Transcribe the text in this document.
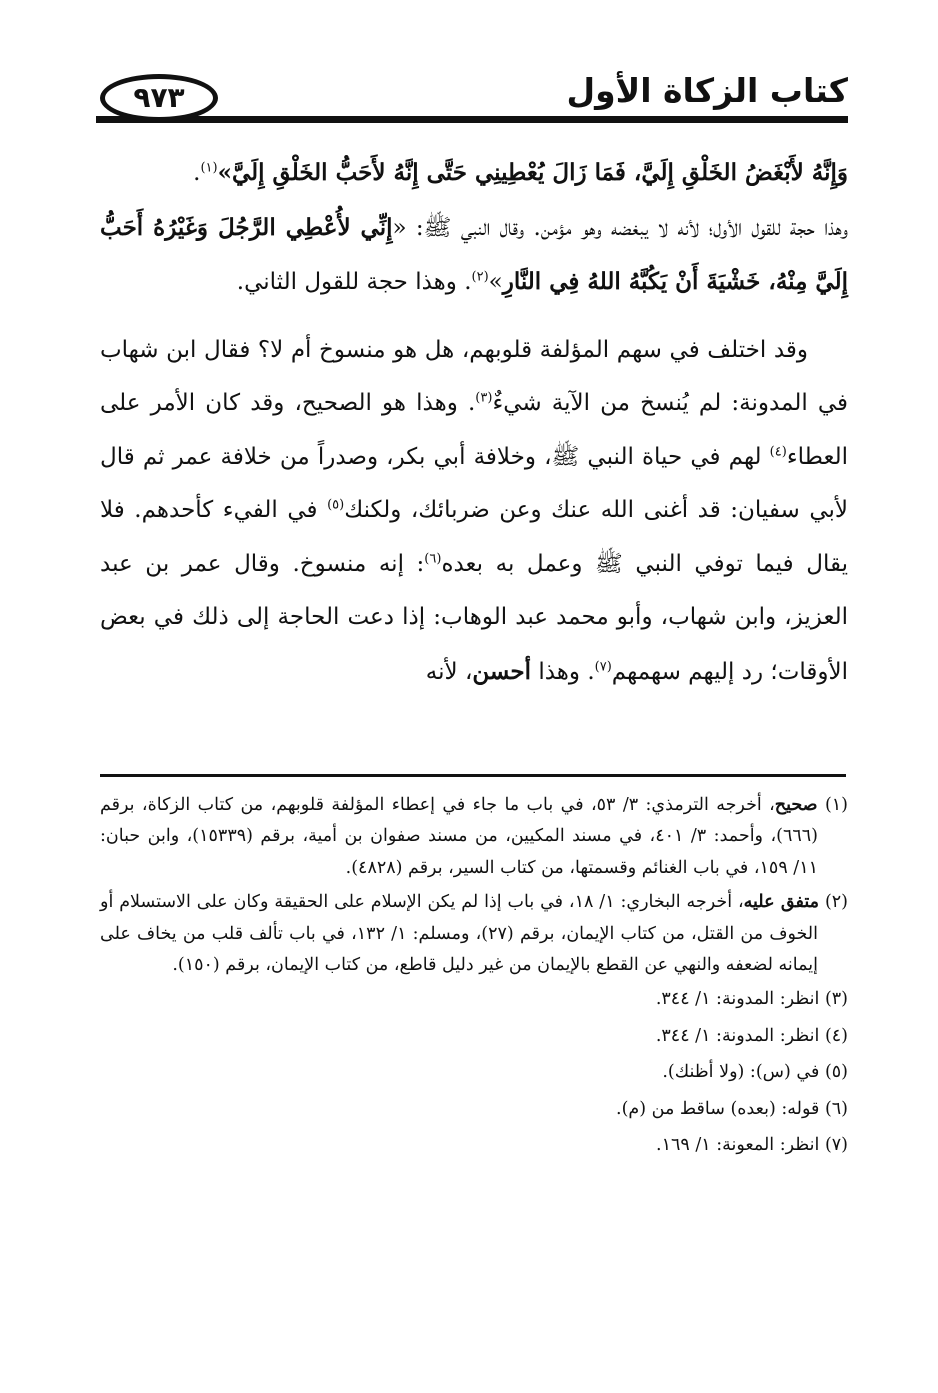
٩٧٣	كتاب الزكاة الأول

وَإِنَّهُ لأَبْغَضُ الخَلْقِ إِلَيَّ، فَمَا زَالَ يُعْطِينِي حَتَّى إِنَّهُ لأَحَبُّ الخَلْقِ إِلَيَّ»$^{(١)}$.

وهذا حجة للقول الأول؛ لأنه لا يبغضه وهو مؤمن. وقال النبي ﷺ: «إِنِّي لأُعْطِي الرَّجُلَ وَغَيْرُهُ أَحَبُّ إِلَيَّ مِنْهُ، خَشْيَةَ أَنْ يَكُبَّهُ اللهُ فِي النَّارِ»$^{(٢)}$. وهذا حجة للقول الثاني.

وقد اختلف في سهم المؤلفة قلوبهم، هل هو منسوخ أم لا؟ فقال ابن شهاب في المدونة: لم يُنسخ من الآية شيءٌ$^{(٣)}$. وهذا هو الصحيح، وقد كان الأمر على العطاء$^{(٤)}$ لهم في حياة النبي ﷺ، وخلافة أبي بكر، وصدراً من خلافة عمر ثم قال لأبي سفيان: قد أغنى الله عنك وعن ضربائك، ولكنك$^{(٥)}$ في الفيء كأحدهم. فلا يقال فيما توفي النبي ﷺ وعمل به بعده$^{(٦)}$: إنه منسوخ. وقال عمر بن عبد العزيز، وابن شهاب، وأبو محمد عبد الوهاب: إذا دعت الحاجة إلى ذلك في بعض الأوقات؛ رد إليهم سهمهم$^{(٧)}$. وهذا أحسن، لأنه

(١) صحيح، أخرجه الترمذي: ٣/ ٥٣، في باب ما جاء في إعطاء المؤلفة قلوبهم، من كتاب الزكاة، برقم (٦٦٦)، وأحمد: ٣/ ٤٠١، في مسند المكيين، من مسند صفوان بن أمية، برقم (١٥٣٣٩)، وابن حبان: ١١/ ١٥٩، في باب الغنائم وقسمتها، من كتاب السير، برقم (٤٨٢٨).

(٢) متفق عليه، أخرجه البخاري: ١/ ١٨، في باب إذا لم يكن الإسلام على الحقيقة وكان على الاستسلام أو الخوف من القتل، من كتاب الإيمان، برقم (٢٧)، ومسلم: ١/ ١٣٢، في باب تألف قلب من يخاف على إيمانه لضعفه والنهي عن القطع بالإيمان من غير دليل قاطع، من كتاب الإيمان، برقم (١٥٠).

(٣) انظر: المدونة: ١/ ٣٤٤.

(٤) انظر: المدونة: ١/ ٣٤٤.

(٥) في (س): (ولا أظنك).

(٦) قوله: (بعده) ساقط من (م).

(٧) انظر: المعونة: ١/ ١٦٩.
